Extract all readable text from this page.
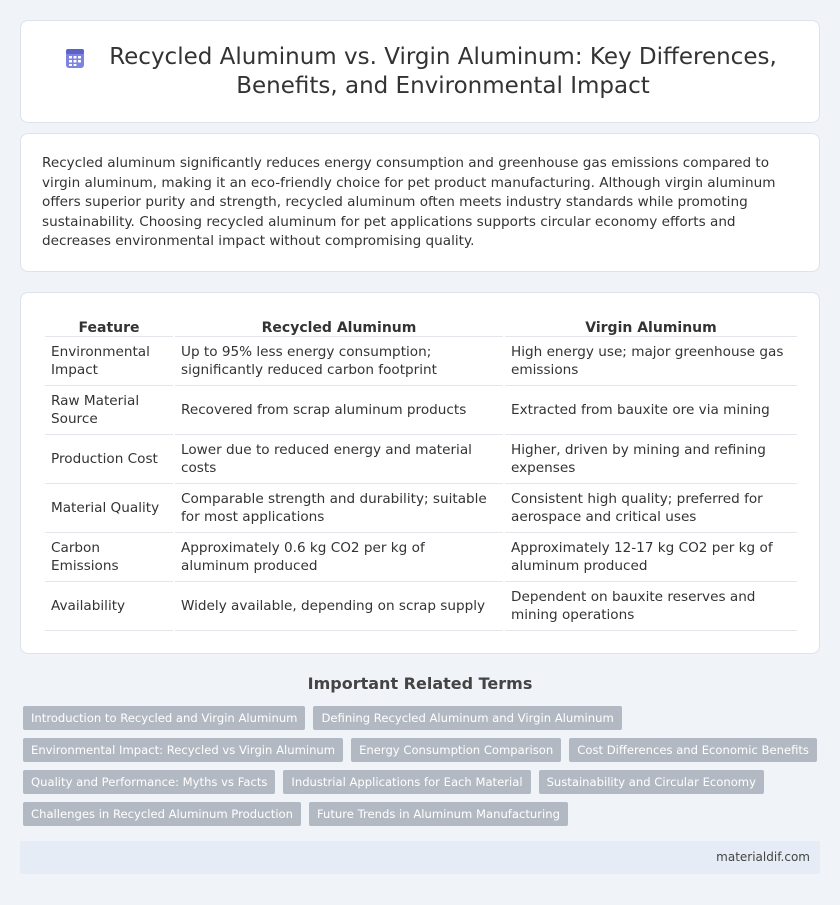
Recycled Aluminum vs. Virgin Aluminum: Key Differences,
Benefits, and Environmental Impact

Recycled aluminum significantly reduces energy consumption and greenhouse gas emissions compared to virgin aluminum, making it an eco-friendly choice for pet product manufacturing. Although virgin aluminum offers superior purity and strength, recycled aluminum often meets industry standards while promoting sustainability. Choosing recycled aluminum for pet applications supports circular economy efforts and decreases environmental impact without compromising quality.

Feature	Recycled Aluminum	Virgin Aluminum
Environmental Impact	Up to 95% less energy consumption; significantly reduced carbon footprint	High energy use; major greenhouse gas emissions
Raw Material Source	Recovered from scrap aluminum products	Extracted from bauxite ore via mining
Production Cost	Lower due to reduced energy and material costs	Higher, driven by mining and refining expenses
Material Quality	Comparable strength and durability; suitable for most applications	Consistent high quality; preferred for aerospace and critical uses
Carbon Emissions	Approximately 0.6 kg CO2 per kg of aluminum produced	Approximately 12-17 kg CO2 per kg of aluminum produced
Availability	Widely available, depending on scrap supply	Dependent on bauxite reserves and mining operations
Important Related Terms
Introduction to Recycled and Virgin Aluminum	Defining Recycled Aluminum and Virgin Aluminum
Environmental Impact: Recycled vs Virgin Aluminum	Energy Consumption Comparison	Cost Differences and Economic Benefits
Quality and Performance: Myths vs Facts	Industrial Applications for Each Material	Sustainability and Circular Economy
Challenges in Recycled Aluminum Production	Future Trends in Aluminum Manufacturing
materialdif.com
